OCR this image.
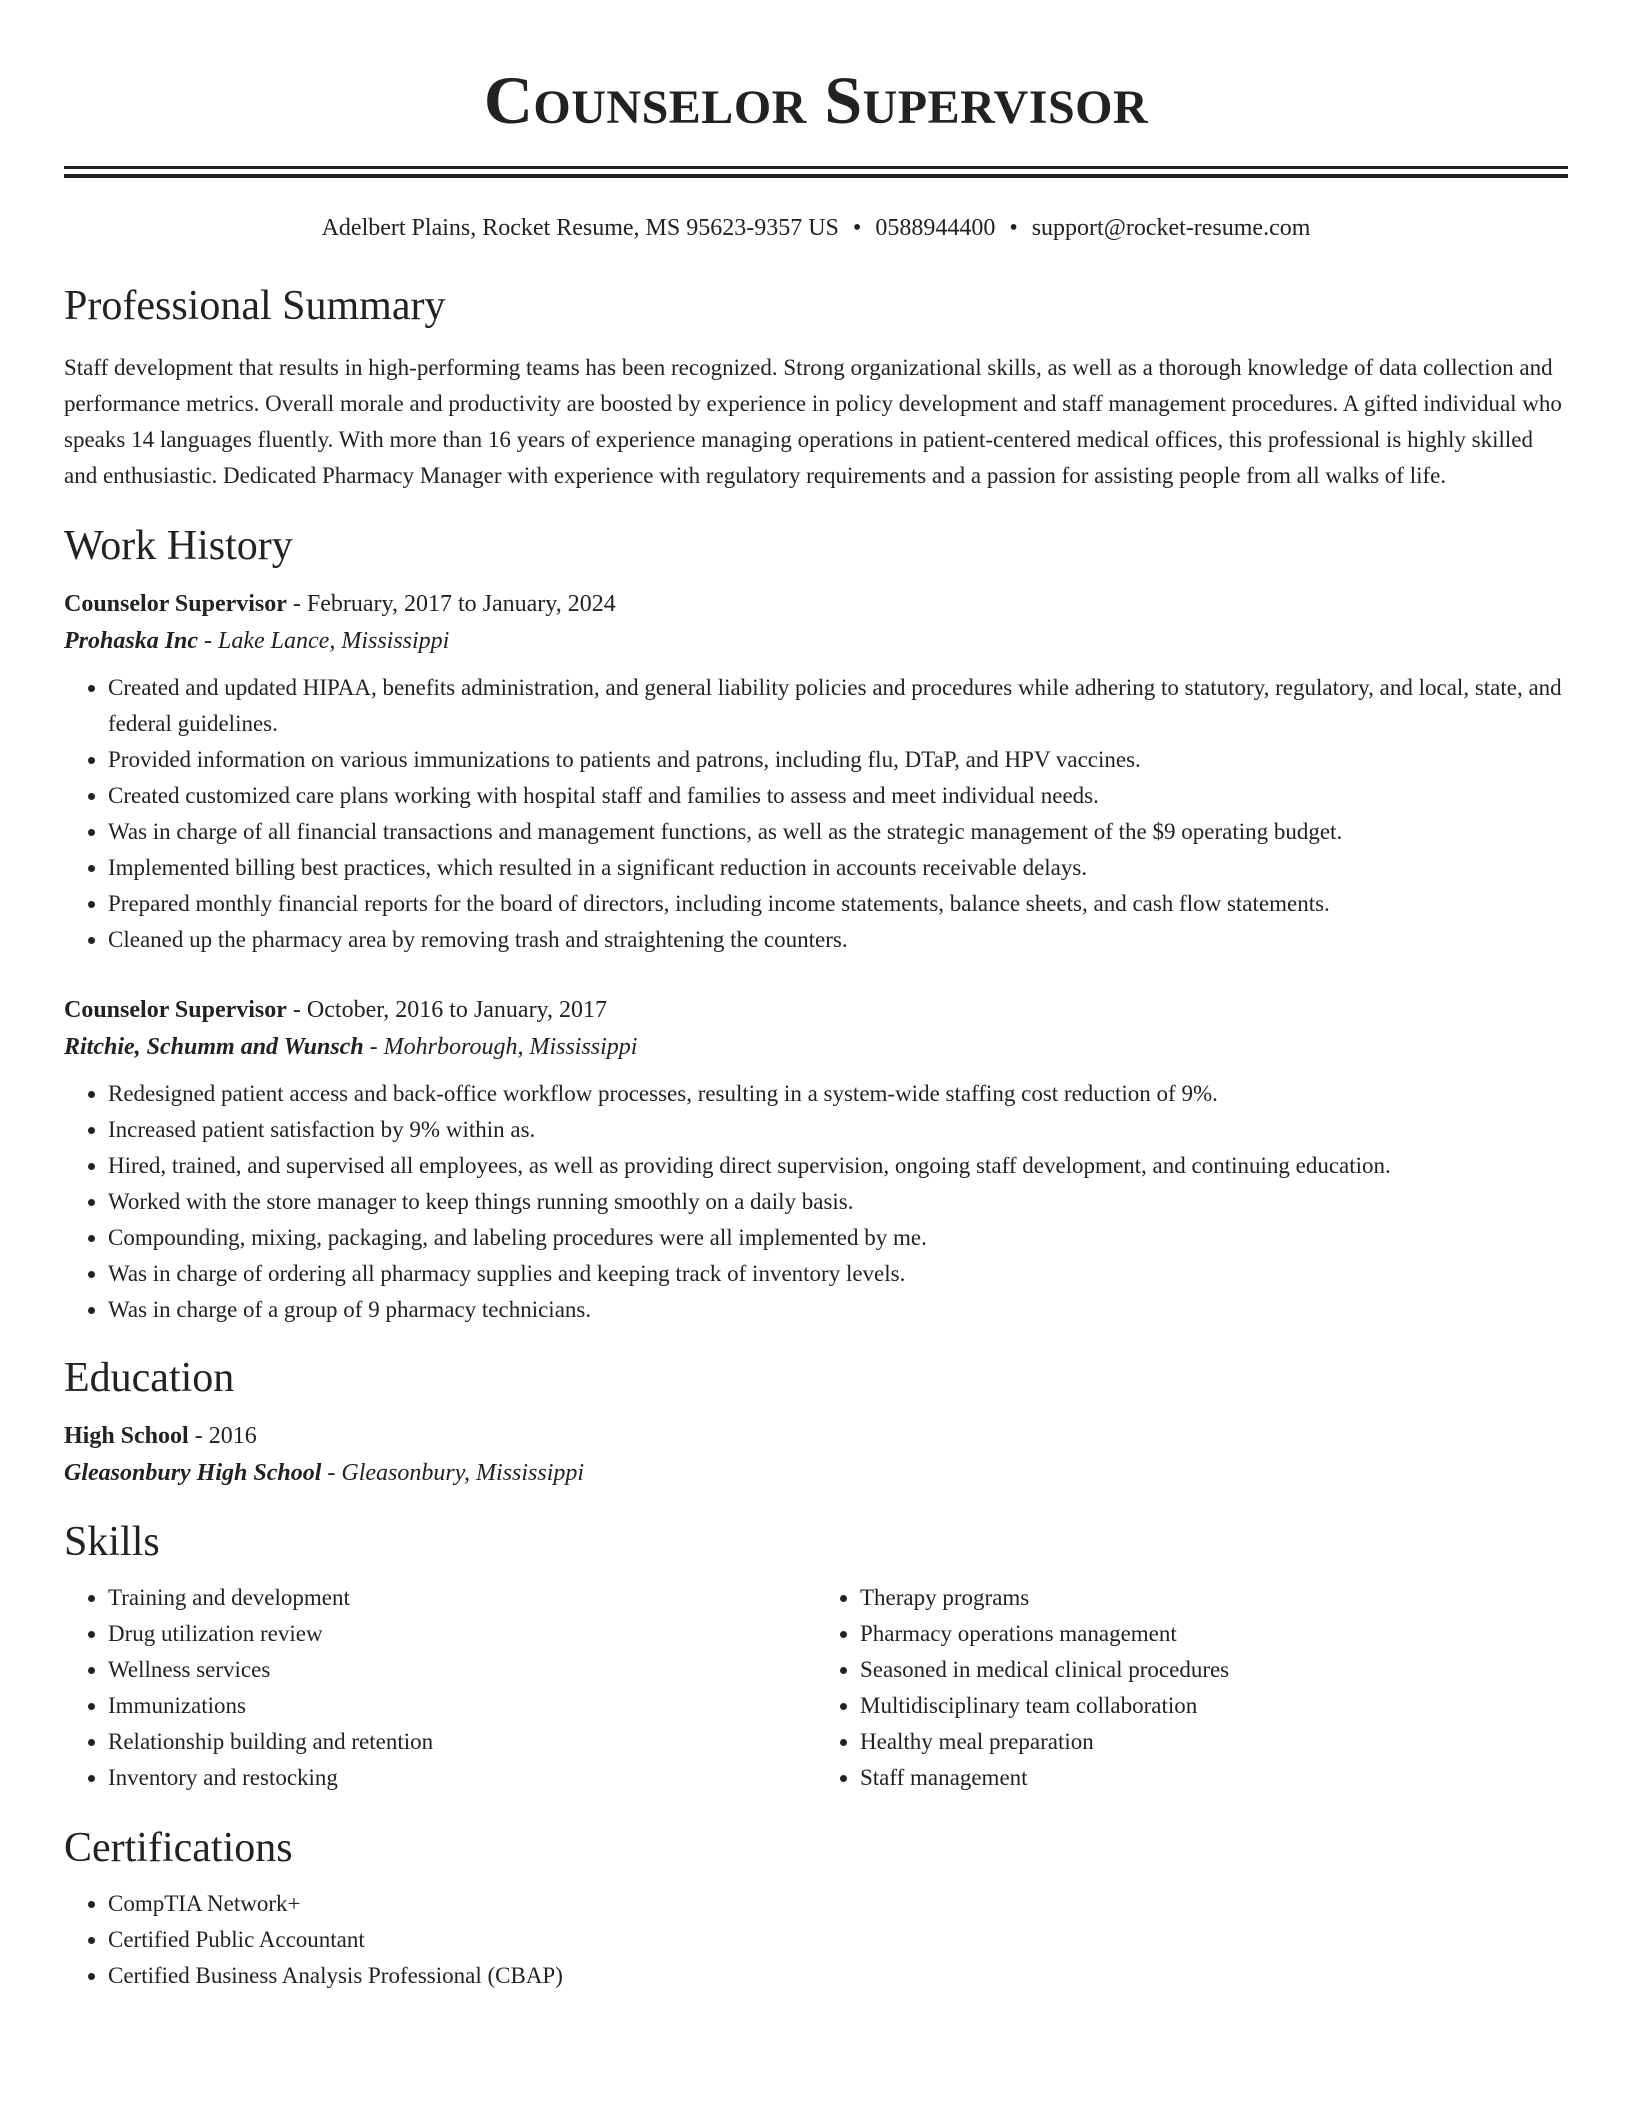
Counselor Supervisor
Adelbert Plains, Rocket Resume, MS 95623-9357 US • 0588944400 • support@rocket-resume.com
Professional Summary

Staff development that results in high-performing teams has been recognized. Strong organizational skills, as well as a thorough knowledge of data collection and performance metrics. Overall morale and productivity are boosted by experience in policy development and staff management procedures. A gifted individual who speaks 14 languages fluently. With more than 16 years of experience managing operations in patient-centered medical offices, this professional is highly skilled and enthusiastic. Dedicated Pharmacy Manager with experience with regulatory requirements and a passion for assisting people from all walks of life.

Work History
Counselor Supervisor - February, 2017 to January, 2024
Prohaska Inc - Lake Lance, Mississippi
• Created and updated HIPAA, benefits administration, and general liability policies and procedures while adhering to statutory, regulatory, and local, state, and federal guidelines.
• Provided information on various immunizations to patients and patrons, including flu, DTaP, and HPV vaccines.
• Created customized care plans working with hospital staff and families to assess and meet individual needs.
• Was in charge of all financial transactions and management functions, as well as the strategic management of the $9 operating budget.
• Implemented billing best practices, which resulted in a significant reduction in accounts receivable delays.
• Prepared monthly financial reports for the board of directors, including income statements, balance sheets, and cash flow statements.
• Cleaned up the pharmacy area by removing trash and straightening the counters.
Counselor Supervisor - October, 2016 to January, 2017
Ritchie, Schumm and Wunsch - Mohrborough, Mississippi
• Redesigned patient access and back-office workflow processes, resulting in a system-wide staffing cost reduction of 9%.
• Increased patient satisfaction by 9% within as.
• Hired, trained, and supervised all employees, as well as providing direct supervision, ongoing staff development, and continuing education.
• Worked with the store manager to keep things running smoothly on a daily basis.
• Compounding, mixing, packaging, and labeling procedures were all implemented by me.
• Was in charge of ordering all pharmacy supplies and keeping track of inventory levels.
• Was in charge of a group of 9 pharmacy technicians.
Education
High School - 2016
Gleasonbury High School - Gleasonbury, Mississippi
Skills
• Training and development
• Drug utilization review
• Wellness services
• Immunizations
• Relationship building and retention
• Inventory and restocking
• Therapy programs
• Pharmacy operations management
• Seasoned in medical clinical procedures
• Multidisciplinary team collaboration
• Healthy meal preparation
• Staff management
Certifications
• CompTIA Network+
• Certified Public Accountant
• Certified Business Analysis Professional (CBAP)
